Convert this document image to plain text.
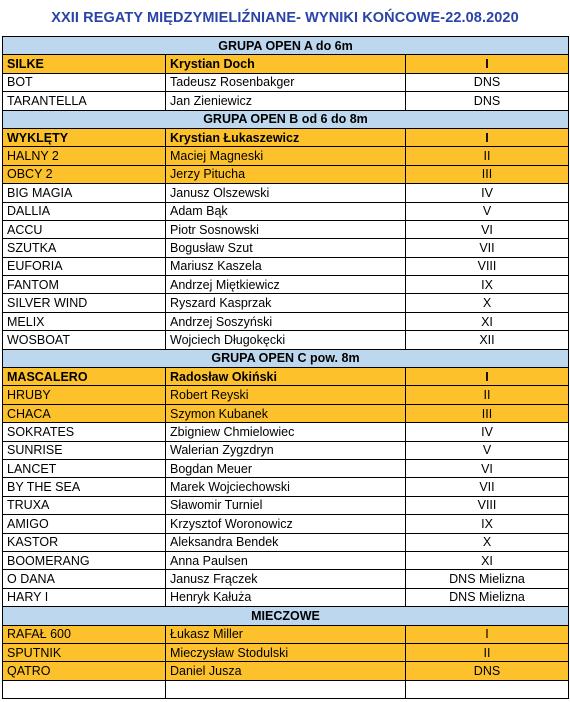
XXII REGATY MIĘDZYMIELIŹNIANE- WYNIKI KOŃCOWE-22.08.2020
GRUPA OPEN A do 6m		
SILKE	Krystian Doch	I
BOT	Tadeusz Rosenbakger	DNS
TARANTELLA	Jan Zieniewicz	DNS
GRUPA OPEN B od 6 do 8m		
WYKLĘTY	Krystian Łukaszewicz	I
HALNY 2	Maciej Magneski	II
OBCY 2	Jerzy Pitucha	III
BIG MAGIA	Janusz Olszewski	IV
DALLIA	Adam Bąk	V
ACCU	Piotr Sosnowski	VI
SZUTKA	Bogusław Szut	VII
EUFORIA	Mariusz Kaszela	VIII
FANTOM	Andrzej Miętkiewicz	IX
SILVER WIND	Ryszard Kasprzak	X
MELIX	Andrzej Soszyński	XI
WOSBOAT	Wojciech Długokęcki	XII
GRUPA OPEN C pow. 8m		
MASCALERO	Radosław Okiński	I
HRUBY	Robert Reyski	II
CHACA	Szymon Kubanek	III
SOKRATES	Zbigniew Chmielowiec	IV
SUNRISE	Walerian Zygzdryn	V
LANCET	Bogdan Meuer	VI
BY THE SEA	Marek Wojciechowski	VII
TRUXA	Sławomir Turniel	VIII
AMIGO	Krzysztof Woronowicz	IX
KASTOR	Aleksandra Bendek	X
BOOMERANG	Anna Paulsen	XI
O DANA	Janusz Frączek	DNS Mielizna
HARY I	Henryk Kałuża	DNS Mielizna
MIECZOWE		
RAFAŁ 600	Łukasz Miller	I
SPUTNIK	Mieczysław Stodulski	II
QATRO	Daniel Jusza	DNS
